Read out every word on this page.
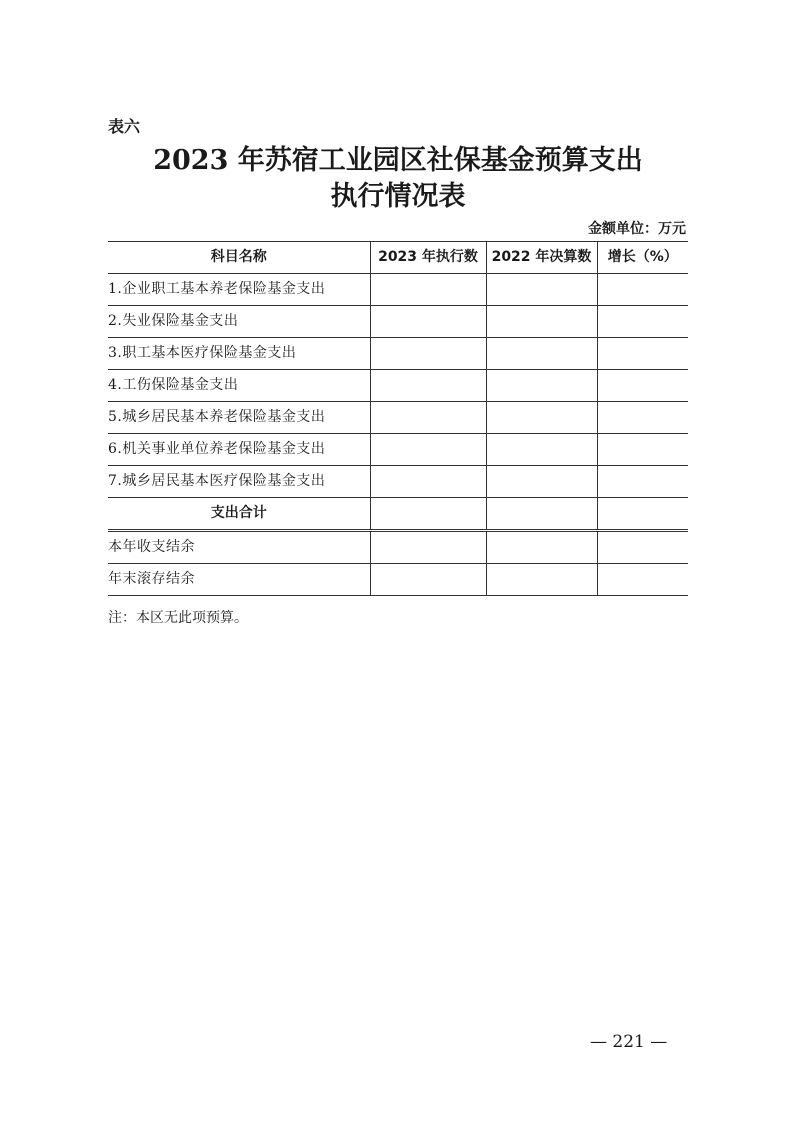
表六
2023 年苏宿工业园区社保基金预算支出
执行情况表
金额单位：万元
科目名称	2023 年执行数	2022 年决算数	增长（%）
1.企业职工基本养老保险基金支出			
2.失业保险基金支出			
3.职工基本医疗保险基金支出			
4.工伤保险基金支出			
5.城乡居民基本养老保险基金支出			
6.机关事业单位养老保险基金支出			
7.城乡居民基本医疗保险基金支出			
支出合计			
本年收支结余			
年末滚存结余			
注：本区无此项预算。
— 221 —
